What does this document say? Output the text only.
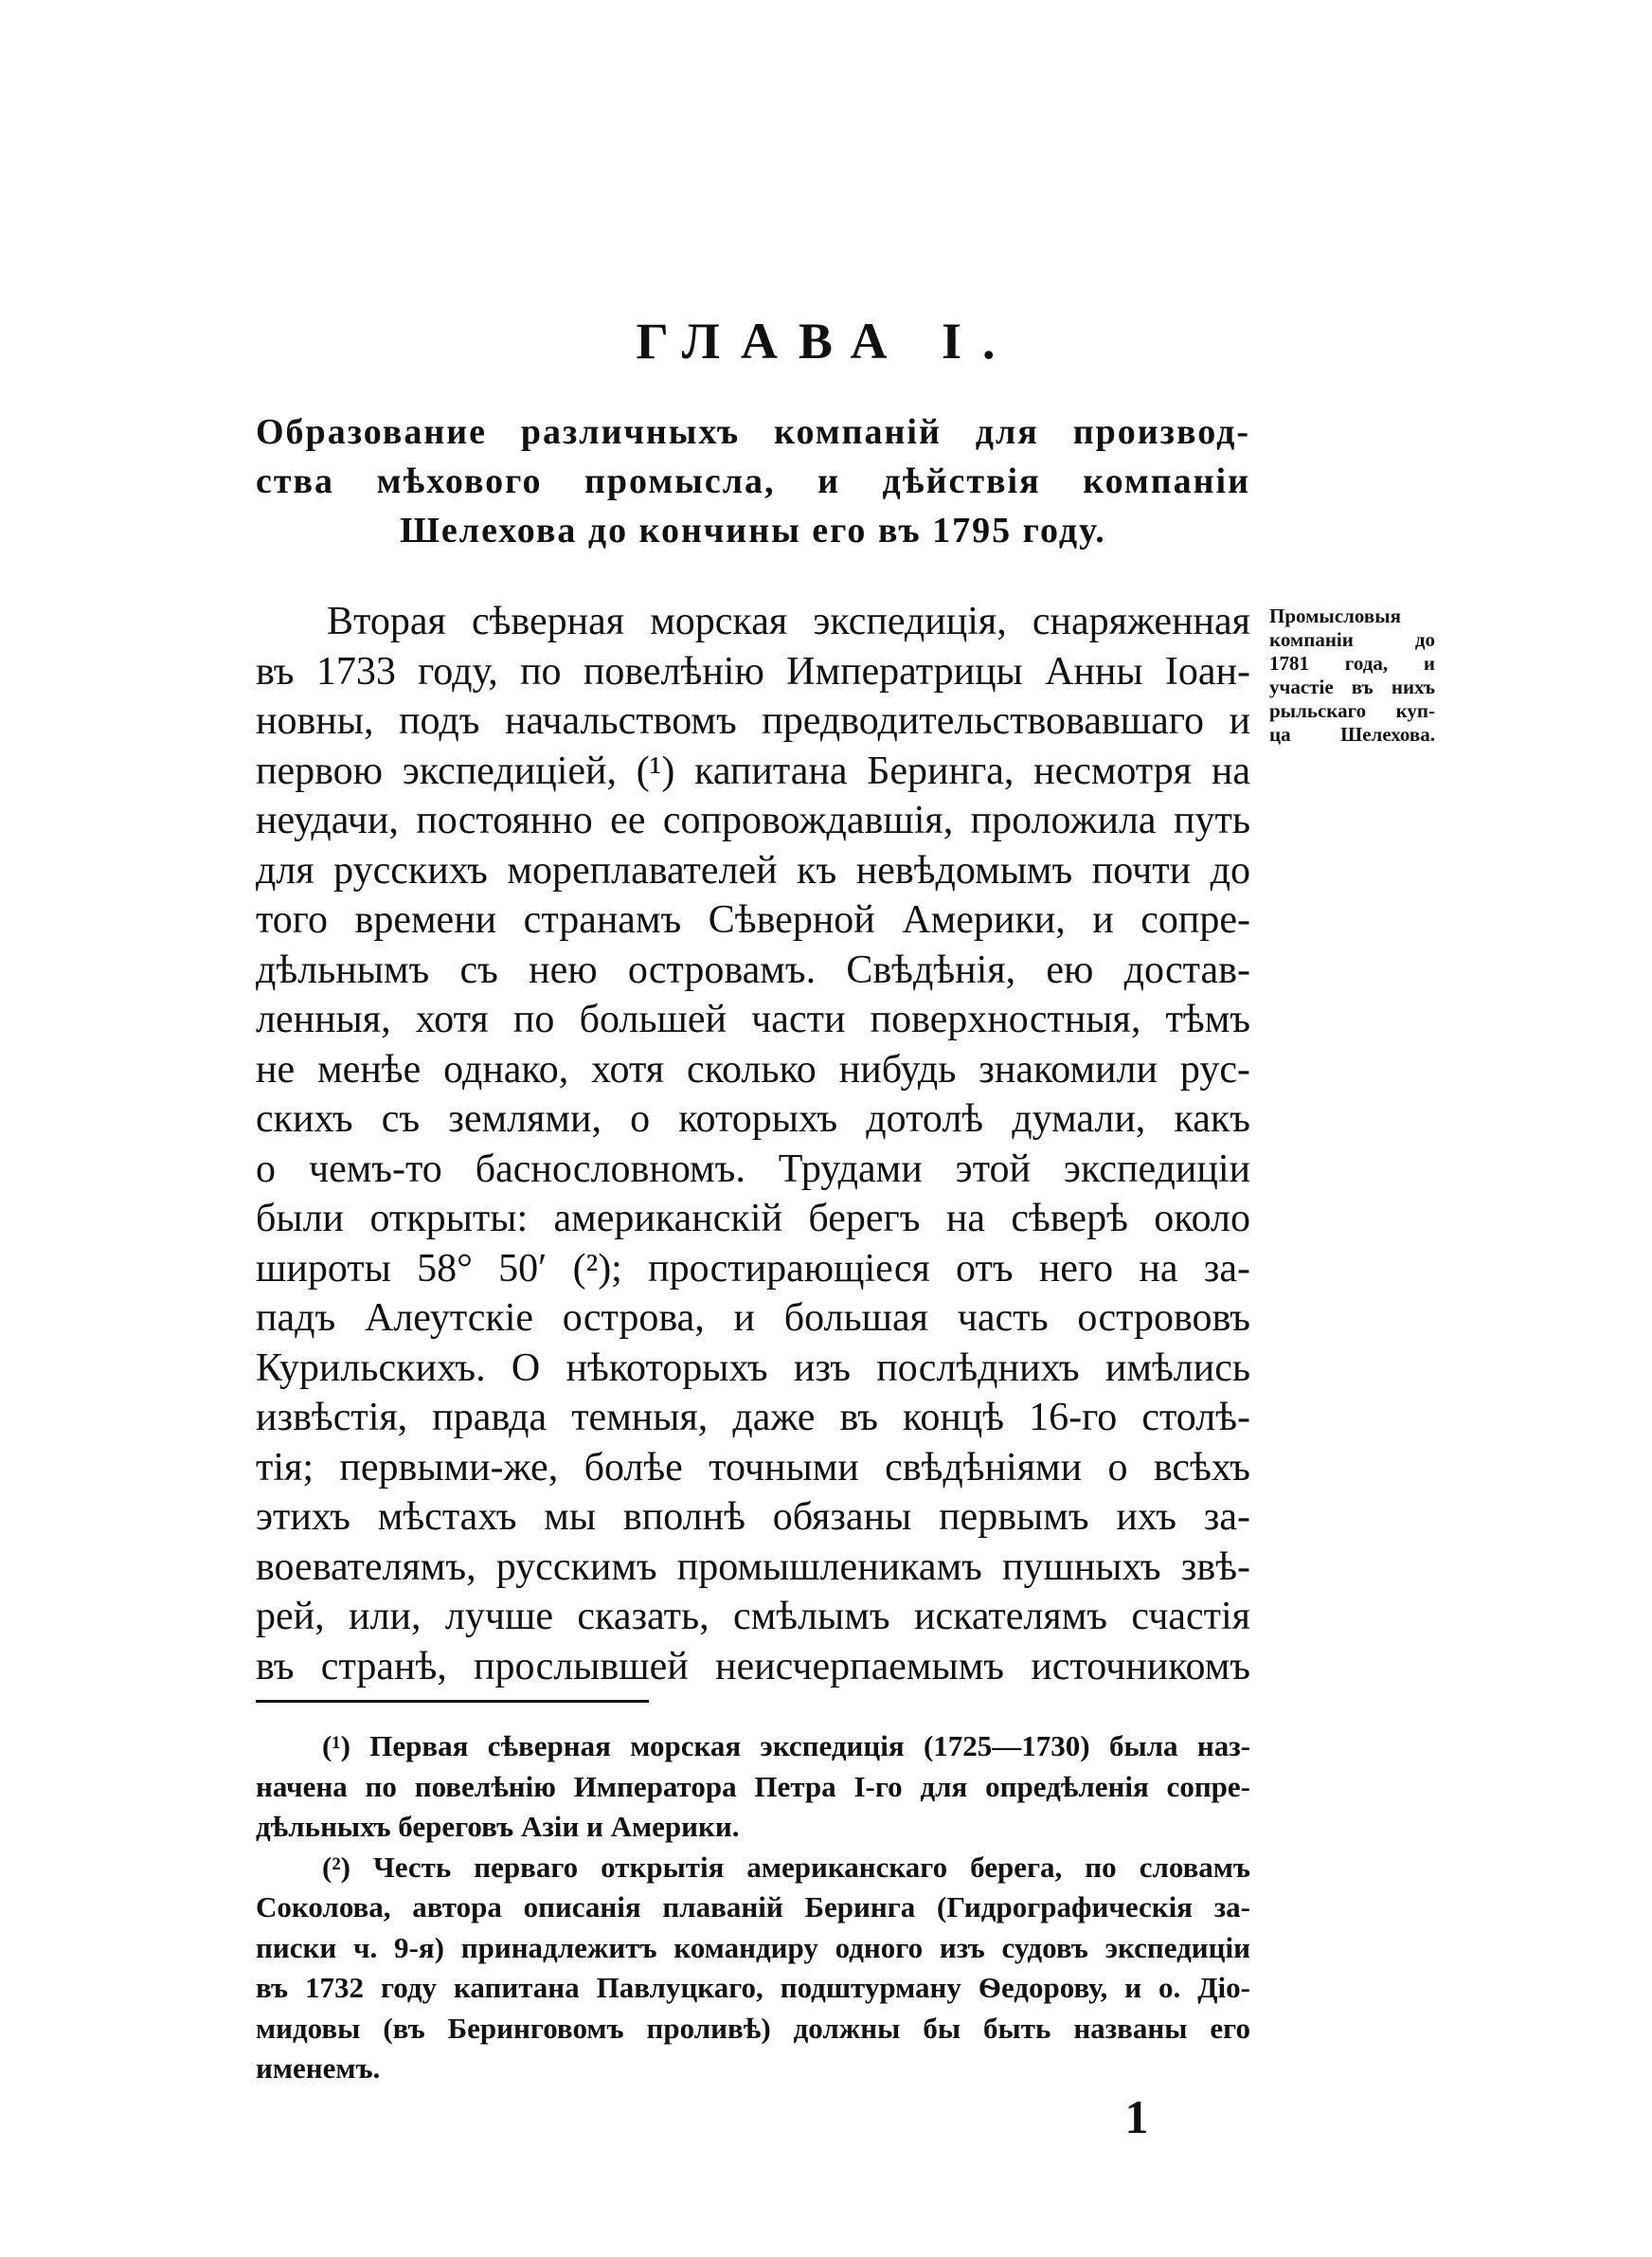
ГЛАВА I.
Образование различныхъ компаній для производ-
ства мѣхового промысла, и дѣйствія компаніи
Шелехова до кончины его въ 1795 году.
Вторая сѣверная морская экспедиція, снаряженная
въ 1733 году, по повелѣнію Императрицы Анны Іоан-
новны, подъ начальствомъ предводительствовавшаго и
первою экспедиціей, (¹) капитана Беринга, несмотря на
неудачи, постоянно ее сопровождавшія, проложила путь
для русскихъ мореплавателей къ невѣдомымъ почти до
того времени странамъ Сѣверной Америки, и сопре-
дѣльнымъ съ нею островамъ. Свѣдѣнія, ею достав-
ленныя, хотя по большей части поверхностныя, тѣмъ
не менѣе однако, хотя сколько нибудь знакомили рус-
скихъ съ землями, о которыхъ дотолѣ думали, какъ
о чемъ-то баснословномъ. Трудами этой экспедиціи
были открыты: американскій берегъ на сѣверѣ около
широты 58° 50′ (²); простирающіеся отъ него на за-
падъ Алеутскіе острова, и большая часть острововъ
Курильскихъ. О нѣкоторыхъ изъ послѣднихъ имѣлись
извѣстія, правда темныя, даже въ концѣ 16-го столѣ-
тія; первыми-же, болѣе точными свѣдѣніями о всѣхъ
этихъ мѣстахъ мы вполнѣ обязаны первымъ ихъ за-
воевателямъ, русскимъ промышленикамъ пушныхъ звѣ-
рей, или, лучше сказать, смѣлымъ искателямъ счастія
въ странѣ, прослывшей неисчерпаемымъ источникомъ
Промысловыя
компаніи до
1781 года, и
участіе въ нихъ
рыльскаго куп-
ца Шелехова.
(¹) Первая сѣверная морская экспедиція (1725—1730) была наз-
начена по повелѣнію Императора Петра І-го для опредѣленія сопре-
дѣльныхъ береговъ Азіи и Америки.
(²) Честь перваго открытія американскаго берега, по словамъ
Соколова, автора описанія плаваній Беринга (Гидрографическія за-
писки ч. 9-я) принадлежитъ командиру одного изъ судовъ экспедиціи
въ 1732 году капитана Павлуцкаго, подштурману Ѳедорову, и о. Діо-
мидовы (въ Беринговомъ проливѣ) должны бы быть названы его
именемъ.
1
